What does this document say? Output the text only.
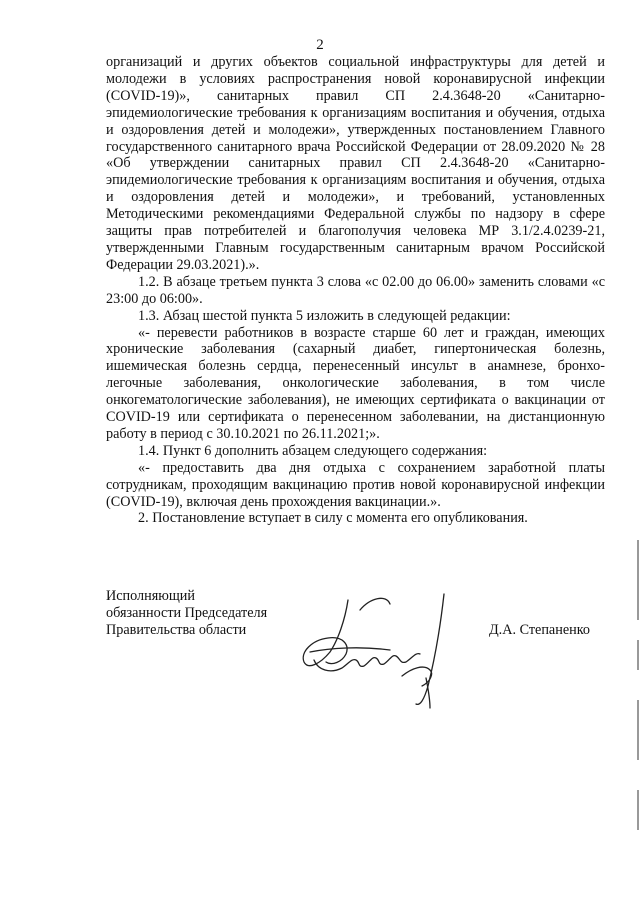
2

организаций и других объектов социальной инфраструктуры для детей и молодежи в условиях распространения новой коронавирусной инфекции (COVID-19)», санитарных правил СП 2.4.3648-20 «Санитарно-эпидемиологические требования к организациям воспитания и обучения, отдыха и оздоровления детей и молодежи», утвержденных постановлением Главного государственного санитарного врача Российской Федерации от 28.09.2020 № 28 «Об утверждении санитарных правил СП 2.4.3648-20 «Санитарно-эпидемиологические требования к организациям воспитания и обучения, отдыха и оздоровления детей и молодежи», и требований, установленных Методическими рекомендациями Федеральной службы по надзору в сфере защиты прав потребителей и благополучия человека МР 3.1/2.4.0239-21, утвержденными Главным государственным санитарным врачом Российской Федерации 29.03.2021).».

1.2. В абзаце третьем пункта 3 слова «с 02.00 до 06.00» заменить словами «с 23:00 до 06:00».

1.3. Абзац шестой пункта 5 изложить в следующей редакции:

«- перевести работников в возрасте старше 60 лет и граждан, имеющих хронические заболевания (сахарный диабет, гипертоническая болезнь, ишемическая болезнь сердца, перенесенный инсульт в анамнезе, бронхо-легочные заболевания, онкологические заболевания, в том числе онкогематологические заболевания), не имеющих сертификата о вакцинации от COVID-19 или сертификата о перенесенном заболевании, на дистанционную работу в период с 30.10.2021 по 26.11.2021;».

1.4. Пункт 6 дополнить абзацем следующего содержания:

«- предоставить два дня отдыха с сохранением заработной платы сотрудникам, проходящим вакцинацию против новой коронавирусной инфекции (COVID-19), включая день прохождения вакцинации.».

2. Постановление вступает в силу с момента его опубликования.

Исполняющий
обязанности Председателя
Правительства области	Д.А. Степаненко
